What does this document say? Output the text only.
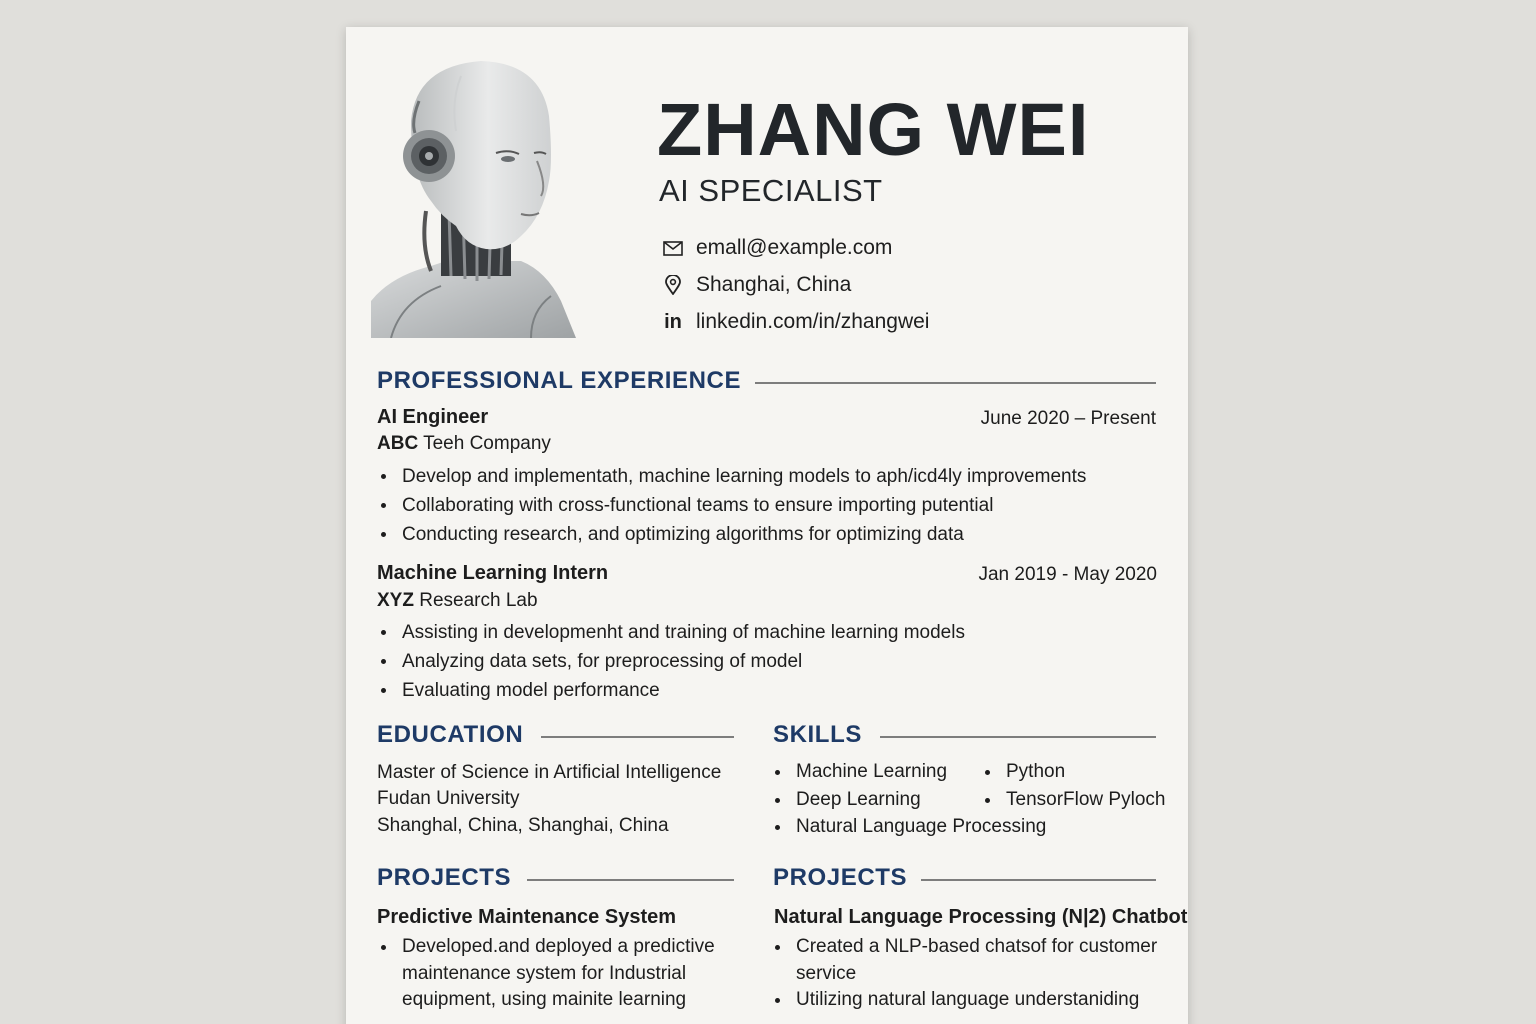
ZHANG WEI
AI SPECIALIST
emall@example.com
Shanghai, China
in linkedin.com/in/zhangwei
PROFESSIONAL EXPERIENCE
AI Engineer	June 2020 – Present
ABC Teeh Company
Develop and implementath, machine learning models to aph/icd4ly improvements
Collaborating with cross-functional teams to ensure importing putential
Conducting research, and optimizing algorithms for optimizing data
Machine Learning Intern	Jan 2019 - May 2020
XYZ Research Lab
Assisting in developmenht and training of machine learning models
Analyzing data sets, for preprocessing of model
Evaluating model performance
EDUCATION
Master of Science in Artificial Intelligence
Fudan University
Shanghal, China, Shanghai, China
SKILLS
Machine Learning
Deep Learning
Natural Language Processing
Python
TensorFlow Pyloch
PROJECTS
Predictive Maintenance System
Developed.and deployed a predictive maintenance system for Industrial equipment, using mainite learning
PROJECTS
Natural Language Processing (N|2) Chatbot
Created a NLP-based chatsof for customer service
Utilizing natural language understaniding
